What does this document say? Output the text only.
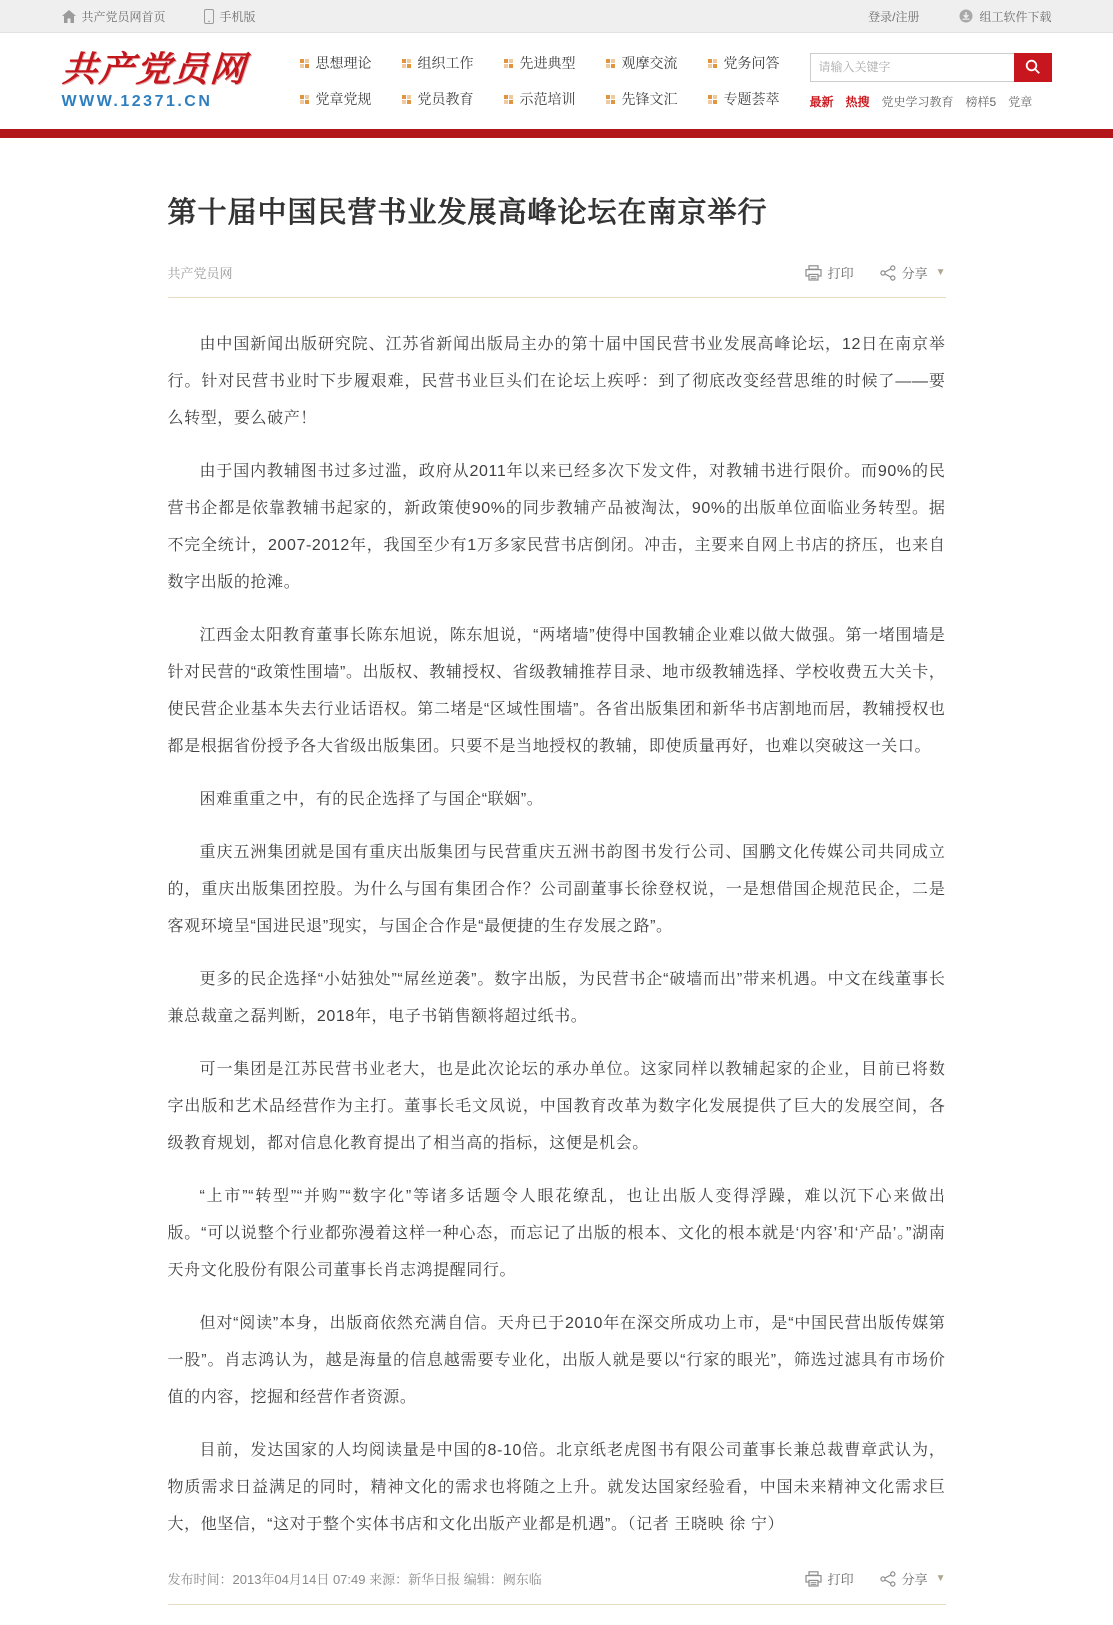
共产党员网首页	手机版	登录/注册	组工软件下载
共产党员网
WWW.12371.CN
思想理论	组织工作	先进典型	观摩交流	党务问答
党章党规	党员教育	示范培训	先锋文汇	专题荟萃
请输入关键字	最新 热搜 党史学习教育 榜样5 党章
第十届中国民营书业发展高峰论坛在南京举行
共产党员网	打印	分享 ▼

由中国新闻出版研究院、江苏省新闻出版局主办的第十届中国民营书业发展高峰论坛，12日在南京举行。针对民营书业时下步履艰难，民营书业巨头们在论坛上疾呼：到了彻底改变经营思维的时候了——要么转型，要么破产！

由于国内教辅图书过多过滥，政府从2011年以来已经多次下发文件，对教辅书进行限价。而90%的民营书企都是依靠教辅书起家的，新政策使90%的同步教辅产品被淘汰，90%的出版单位面临业务转型。据不完全统计，2007-2012年，我国至少有1万多家民营书店倒闭。冲击，主要来自网上书店的挤压，也来自数字出版的抢滩。

江西金太阳教育董事长陈东旭说，陈东旭说，“两堵墙”使得中国教辅企业难以做大做强。第一堵围墙是针对民营的“政策性围墙”。出版权、教辅授权、省级教辅推荐目录、地市级教辅选择、学校收费五大关卡，使民营企业基本失去行业话语权。第二堵是“区域性围墙”。各省出版集团和新华书店割地而居，教辅授权也都是根据省份授予各大省级出版集团。只要不是当地授权的教辅，即使质量再好，也难以突破这一关口。

困难重重之中，有的民企选择了与国企“联姻”。

重庆五洲集团就是国有重庆出版集团与民营重庆五洲书韵图书发行公司、国鹏文化传媒公司共同成立的，重庆出版集团控股。为什么与国有集团合作？公司副董事长徐登权说，一是想借国企规范民企，二是客观环境呈“国进民退”现实，与国企合作是“最便捷的生存发展之路”。

更多的民企选择“小姑独处”“屌丝逆袭”。数字出版，为民营书企“破墙而出”带来机遇。中文在线董事长兼总裁童之磊判断，2018年，电子书销售额将超过纸书。

可一集团是江苏民营书业老大，也是此次论坛的承办单位。这家同样以教辅起家的企业，目前已将数字出版和艺术品经营作为主打。董事长毛文凤说，中国教育改革为数字化发展提供了巨大的发展空间，各级教育规划，都对信息化教育提出了相当高的指标，这便是机会。

“上市”“转型”“并购”“数字化”等诸多话题令人眼花缭乱，也让出版人变得浮躁，难以沉下心来做出版。“可以说整个行业都弥漫着这样一种心态，而忘记了出版的根本、文化的根本就是‘内容’和‘产品’。”湖南天舟文化股份有限公司董事长肖志鸿提醒同行。

但对“阅读”本身，出版商依然充满自信。天舟已于2010年在深交所成功上市，是“中国民营出版传媒第一股”。肖志鸿认为，越是海量的信息越需要专业化，出版人就是要以“行家的眼光”，筛选过滤具有市场价值的内容，挖掘和经营作者资源。

目前，发达国家的人均阅读量是中国的8-10倍。北京纸老虎图书有限公司董事长兼总裁曹章武认为，物质需求日益满足的同时，精神文化的需求也将随之上升。就发达国家经验看，中国未来精神文化需求巨大，他坚信，“这对于整个实体书店和文化出版产业都是机遇”。（记者 王晓映 徐 宁）

发布时间：2013年04月14日 07:49 来源：新华日报 编辑：阙东临	打印	分享 ▼
